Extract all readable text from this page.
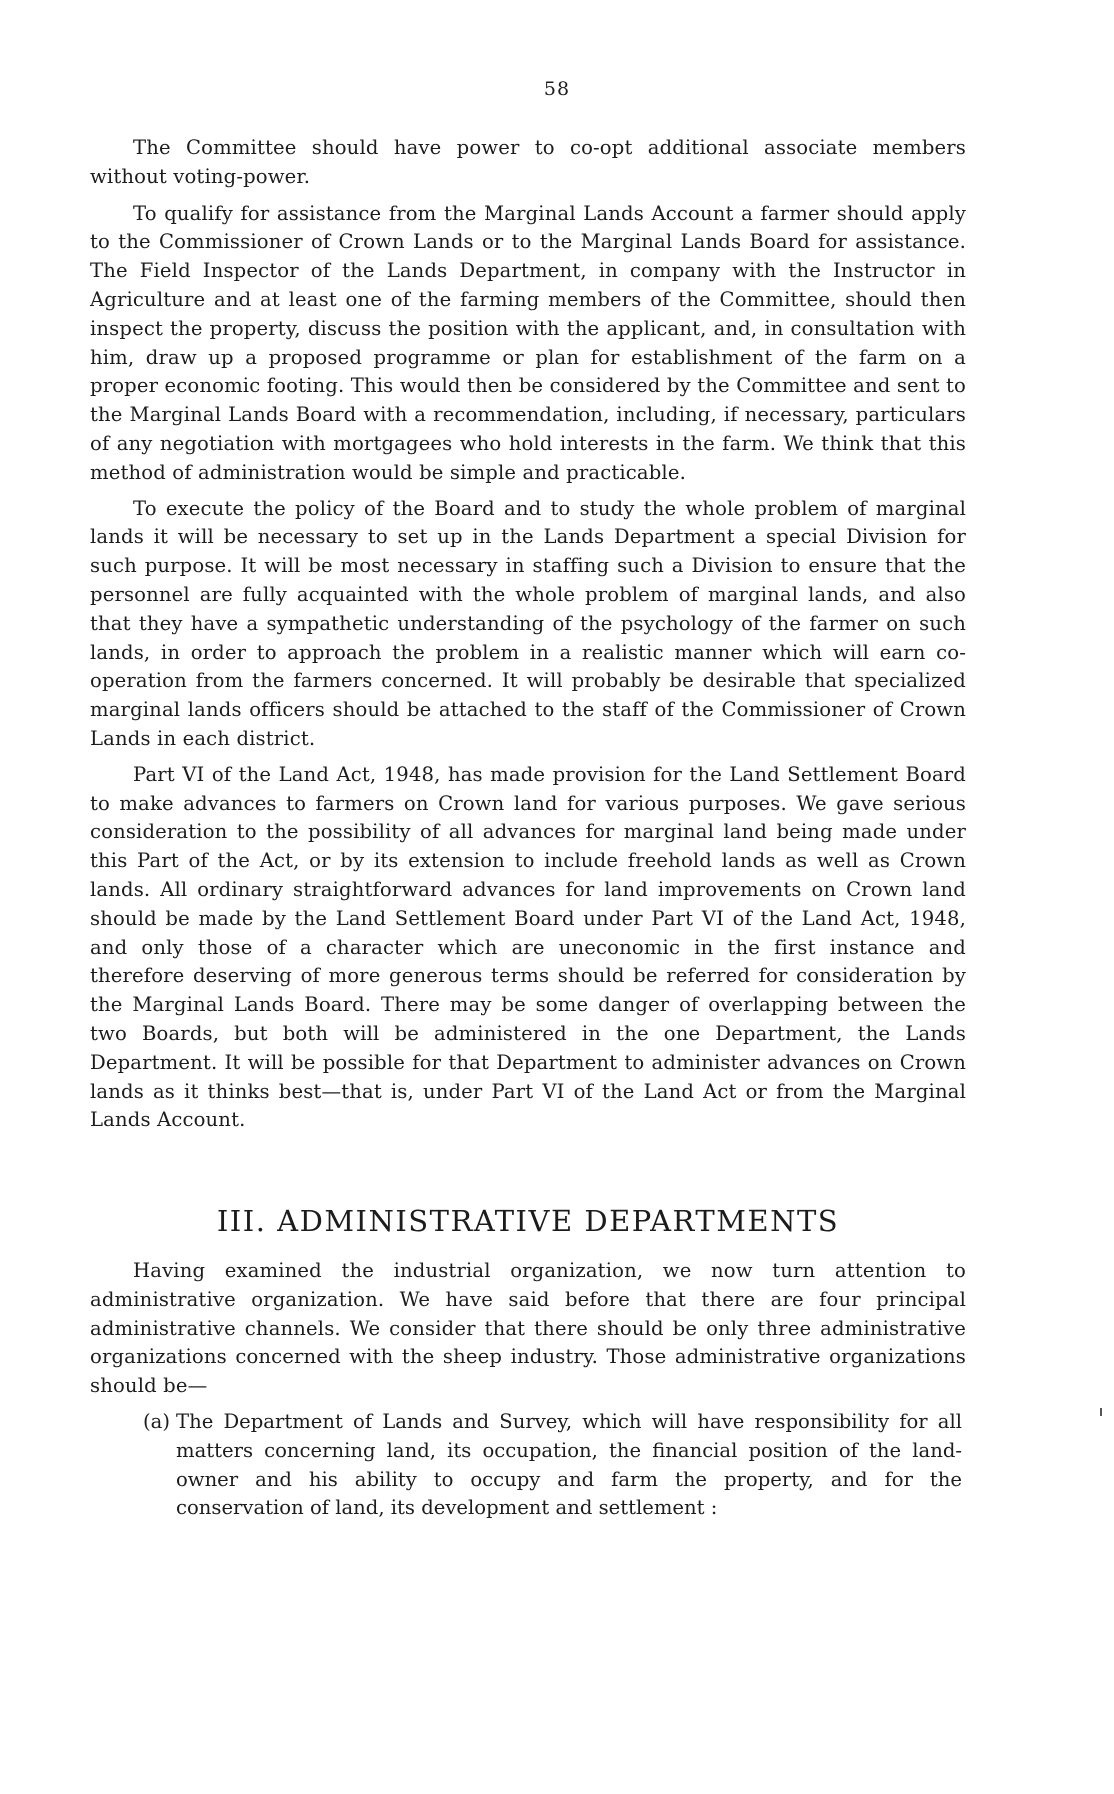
58

The Committee should have power to co-opt additional associate members without voting-power.

To qualify for assistance from the Marginal Lands Account a farmer should apply to the Commissioner of Crown Lands or to the Marginal Lands Board for assistance. The Field Inspector of the Lands Department, in company with the Instructor in Agriculture and at least one of the farming members of the Committee, should then inspect the property, discuss the position with the applicant, and, in consultation with him, draw up a proposed programme or plan for establishment of the farm on a proper economic footing. This would then be considered by the Committee and sent to the Marginal Lands Board with a recommendation, including, if necessary, particulars of any negotiation with mortgagees who hold interests in the farm. We think that this method of administration would be simple and practicable.

To execute the policy of the Board and to study the whole problem of marginal lands it will be necessary to set up in the Lands Department a special Division for such purpose. It will be most necessary in staffing such a Division to ensure that the personnel are fully acquainted with the whole problem of marginal lands, and also that they have a sympathetic understanding of the psychology of the farmer on such lands, in order to approach the problem in a realistic manner which will earn co-operation from the farmers concerned. It will probably be desirable that specialized marginal lands officers should be attached to the staff of the Commissioner of Crown Lands in each district.

Part VI of the Land Act, 1948, has made provision for the Land Settlement Board to make advances to farmers on Crown land for various purposes. We gave serious consideration to the possibility of all advances for marginal land being made under this Part of the Act, or by its extension to include freehold lands as well as Crown lands. All ordinary straightforward advances for land improvements on Crown land should be made by the Land Settlement Board under Part VI of the Land Act, 1948, and only those of a character which are uneconomic in the first instance and therefore deserving of more generous terms should be referred for consideration by the Marginal Lands Board. There may be some danger of overlapping between the two Boards, but both will be administered in the one Department, the Lands Department. It will be possible for that Department to administer advances on Crown lands as it thinks best—that is, under Part VI of the Land Act or from the Marginal Lands Account.

III. ADMINISTRATIVE DEPARTMENTS

Having examined the industrial organization, we now turn attention to administrative organization. We have said before that there are four principal administrative channels. We consider that there should be only three administrative organizations concerned with the sheep industry. Those administrative organizations should be—

(a) The Department of Lands and Survey, which will have responsibility for all matters concerning land, its occupation, the financial position of the land-owner and his ability to occupy and farm the property, and for the conservation of land, its development and settlement :
